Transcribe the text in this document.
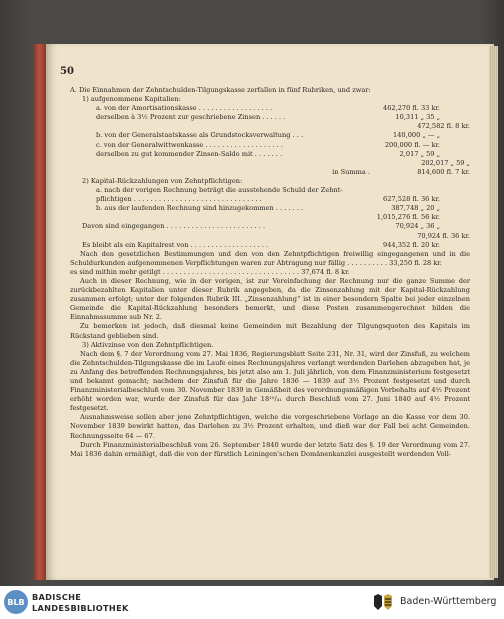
50
A. Die Einnahmen der Zehntschulden-Tilgungskasse zerfallen in fünf Rubriken, und zwar:
1) aufgenommene Kapitalien:
a. von der Amortisationskasse . . . . . . . . . . . . . . . . . .	462,270 fl. 33 kr.
derselben à 3½ Prozent zur geschriebene Zinsen . . . . . .	10,311 „ 35 „
472,582 fl. 8 kr.
b. von der Generalstaatskasse als Grundstocksverwaltung . . .	140,000 „ — „
c. von der Generalwittwenkasse . . . . . . . . . . . . . . . . . . .	200,000 fl. — kr.
derselben zu gut kommender Zinsen-Saldo mit . . . . . . .	2,017 „ 59 „
202,017 „ 59 „
in Summa .	814,600 fl. 7 kr.
2) Kapital-Rückzahlungen von Zehntpflichtigen:
a. nach der vorigen Rechnung beträgt die ausstehende Schuld der Zehnt-
pflichtigen . . . . . . . . . . . . . . . . . . . . . . . . . . . . . . .	627,528 fl. 36 kr.
b. aus der laufenden Rechnung sind hinzugekommen . . . . . . .	387,748 „ 20 „
1,015,276 fl. 56 kr.
Davon sind eingegangen . . . . . . . . . . . . . . . . . . . . . . . .	70,924 „ 36 „
70,924 fl. 36 kr.
Es bleibt als ein Kapitalrest von . . . . . . . . . . . . . . . . . . .	944,352 fl. 20 kr.
Nach den gesetzlichen Bestimmungen und den von den Zehntpflichtigen freiwillig eingegangenen und in die Schuldurkunden aufgenommenen Verpflichtungen waren zur Abtragung nur fällig . . . . . . . . . . 33,250 fl. 28 kr.
es sind mithin mehr getilgt . . . . . . . . . . . . . . . . . . . . . . . . . . . . . . . . . 37,674 fl. 8 kr.
Auch in dieser Rechnung, wie in der vorigen, ist zur Vereinfachung der Rechnung nur die ganze Summe der zurückbezahlten Kapitalien unter dieser Rubrik angegeben, da die Zinsenzahlung mit der Kapital-Rückzahlung zusammen erfolgt; unter der folgenden Rubrik III. „Zinsenzahlung“ ist in einer besondern Spalte bei jeder einzelnen Gemeinde die Kapital-Rückzahlung besonders bemerkt, und diese Posten zusammengerechnet bilden die Einnahmssumme sub Nr. 2.
Zu bemerken ist jedoch, daß diesmal keine Gemeinden mit Bezahlung der Tilgungsquoten des Kapitals im Rückstand geblieben sind.
3) Aktivzinse von den Zehntpflichtigen.
Nach dem §. 7 der Verordnung vom 27. Mai 1836, Regierungsblatt Seite 231, Nr. 31, wird der Zinsfuß, zu welchem die Zehntschulden-Tilgungskasse die im Laufe eines Rechnungsjahres verlangt werdenden Darlehen abzugeben hat, je zu Anfang des betreffenden Rechnungsjahres, bis jetzt also am 1. Juli jährlich, von dem Finanzministerium festgesetzt und bekannt gemacht; nachdem der Zinsfuß für die Jahre 1836 — 1839 auf 3½ Prozent festgesetzt und durch Finanzministerialbeschluß vom 30. November 1839 in Gemäßheit des verordnungsmäßigen Vorbehalts auf 4½ Prozent erhöht worden war, wurde der Zinsfuß für das Jahr 18¹⁰/₄₁ durch Beschluß vom 27. Juni 1840 auf 4½ Prozent festgesetzt.
Ausnahmsweise sollen aber jene Zehntpflichtigen, welche die vorgeschriebene Vorlage an die Kasse vor dem 30. November 1839 bewirkt hatten, das Darlehen zu 3½ Prozent erhalten, und dieß war der Fall bei acht Gemeinden. Rechnungsseite 64 — 67.
Durch Finanzministerialbeschluß vom 26. September 1840 wurde der letzte Satz des §. 19 der Verordnung vom 27. Mai 1836 dahin ermäßigt, daß die von der fürstlich Leiningen'schen Domänenkanzlei ausgestellt werdenden Voll-
BLB BADISCHE
LANDESBIBLIOTHEK
Baden-Württemberg
